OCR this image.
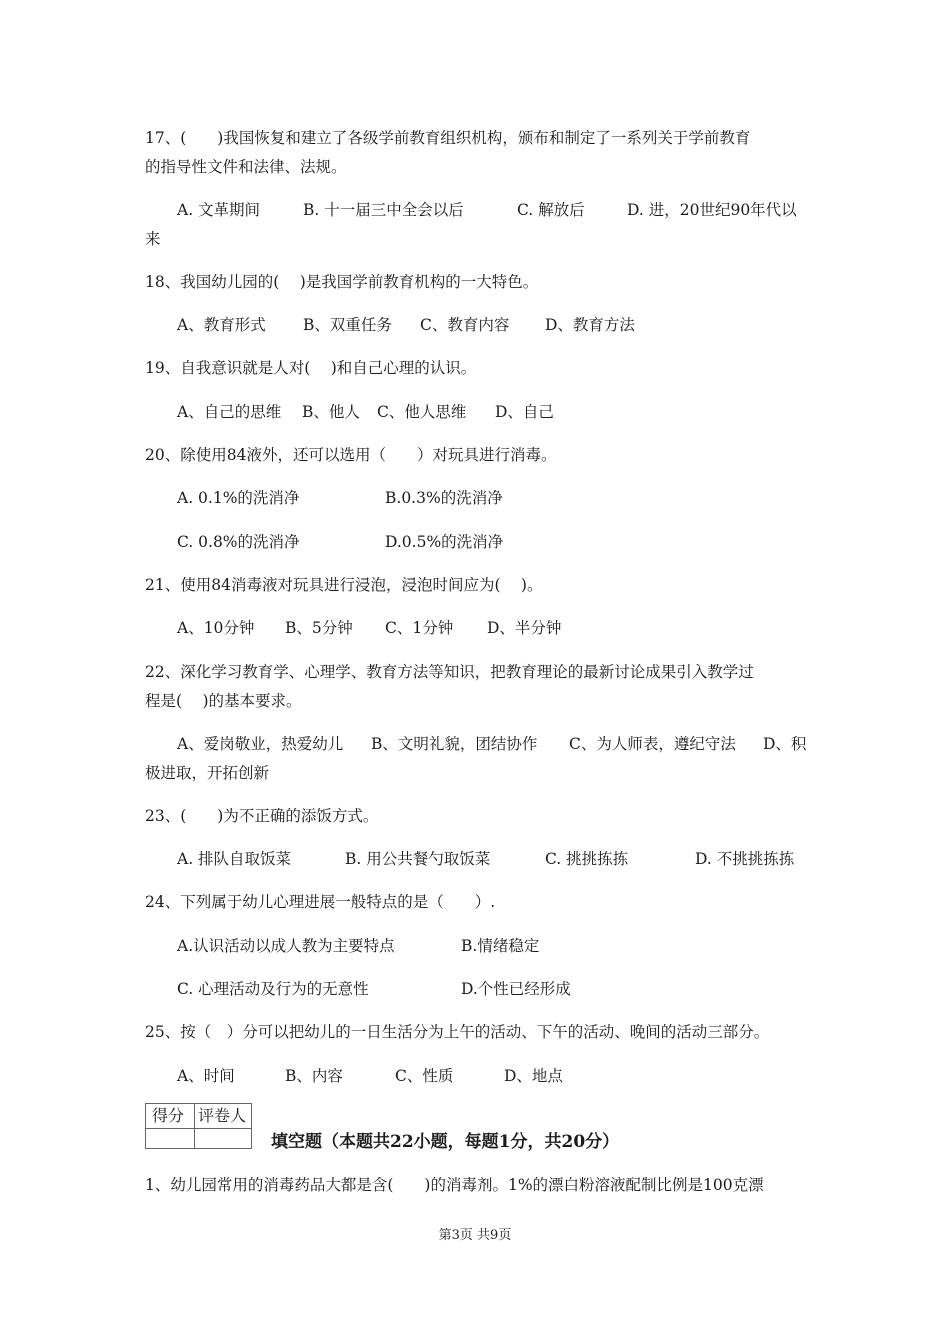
17、(　　)我国恢复和建立了各级学前教育组织机构，颁布和制定了一系列关于学前教育
的指导性文件和法律、法规。
A. 文革期间	B. 十一届三中全会以后	C. 解放后	D. 进，20世纪90年代以
来
18、我国幼儿园的(　 )是我国学前教育机构的一大特色。
A、教育形式 B、双重任务 C、教育内容 D、教育方法
19、自我意识就是人对(　 )和自己心理的认识。
A、自己的思维 B、他人 C、他人思维 D、自己
20、除使用84液外，还可以选用（　　）对玩具进行消毒。
A. 0.1%的洗消净	B.0.3%的洗消净
C. 0.8%的洗消净	D.0.5%的洗消净
21、使用84消毒液对玩具进行浸泡，浸泡时间应为(　 )。
A、10分钟 B、5分钟 C、1分钟 D、半分钟
22、深化学习教育学、心理学、教育方法等知识，把教育理论的最新讨论成果引入教学过
程是(　 )的基本要求。
A、爱岗敬业，热爱幼儿 B、文明礼貌，团结协作 C、为人师表，遵纪守法 D、积
极进取，开拓创新
23、(　　)为不正确的添饭方式。
A. 排队自取饭菜	B. 用公共餐勺取饭菜	C. 挑挑拣拣	D. 不挑挑拣拣
24、下列属于幼儿心理进展一般特点的是（　　）.
A.认识活动以成人教为主要特点	B.情绪稳定
C. 心理活动及行为的无意性	D.个性已经形成
25、按（　）分可以把幼儿的一日生活分为上午的活动、下午的活动、晚间的活动三部分。
A、时间	B、内容	C、性质	D、地点
得分 评卷人
填空题（本题共22小题，每题1分，共20分）
1、幼儿园常用的消毒药品大都是含(　　)的消毒剂。1%的漂白粉溶液配制比例是100克漂
第3页 共9页
